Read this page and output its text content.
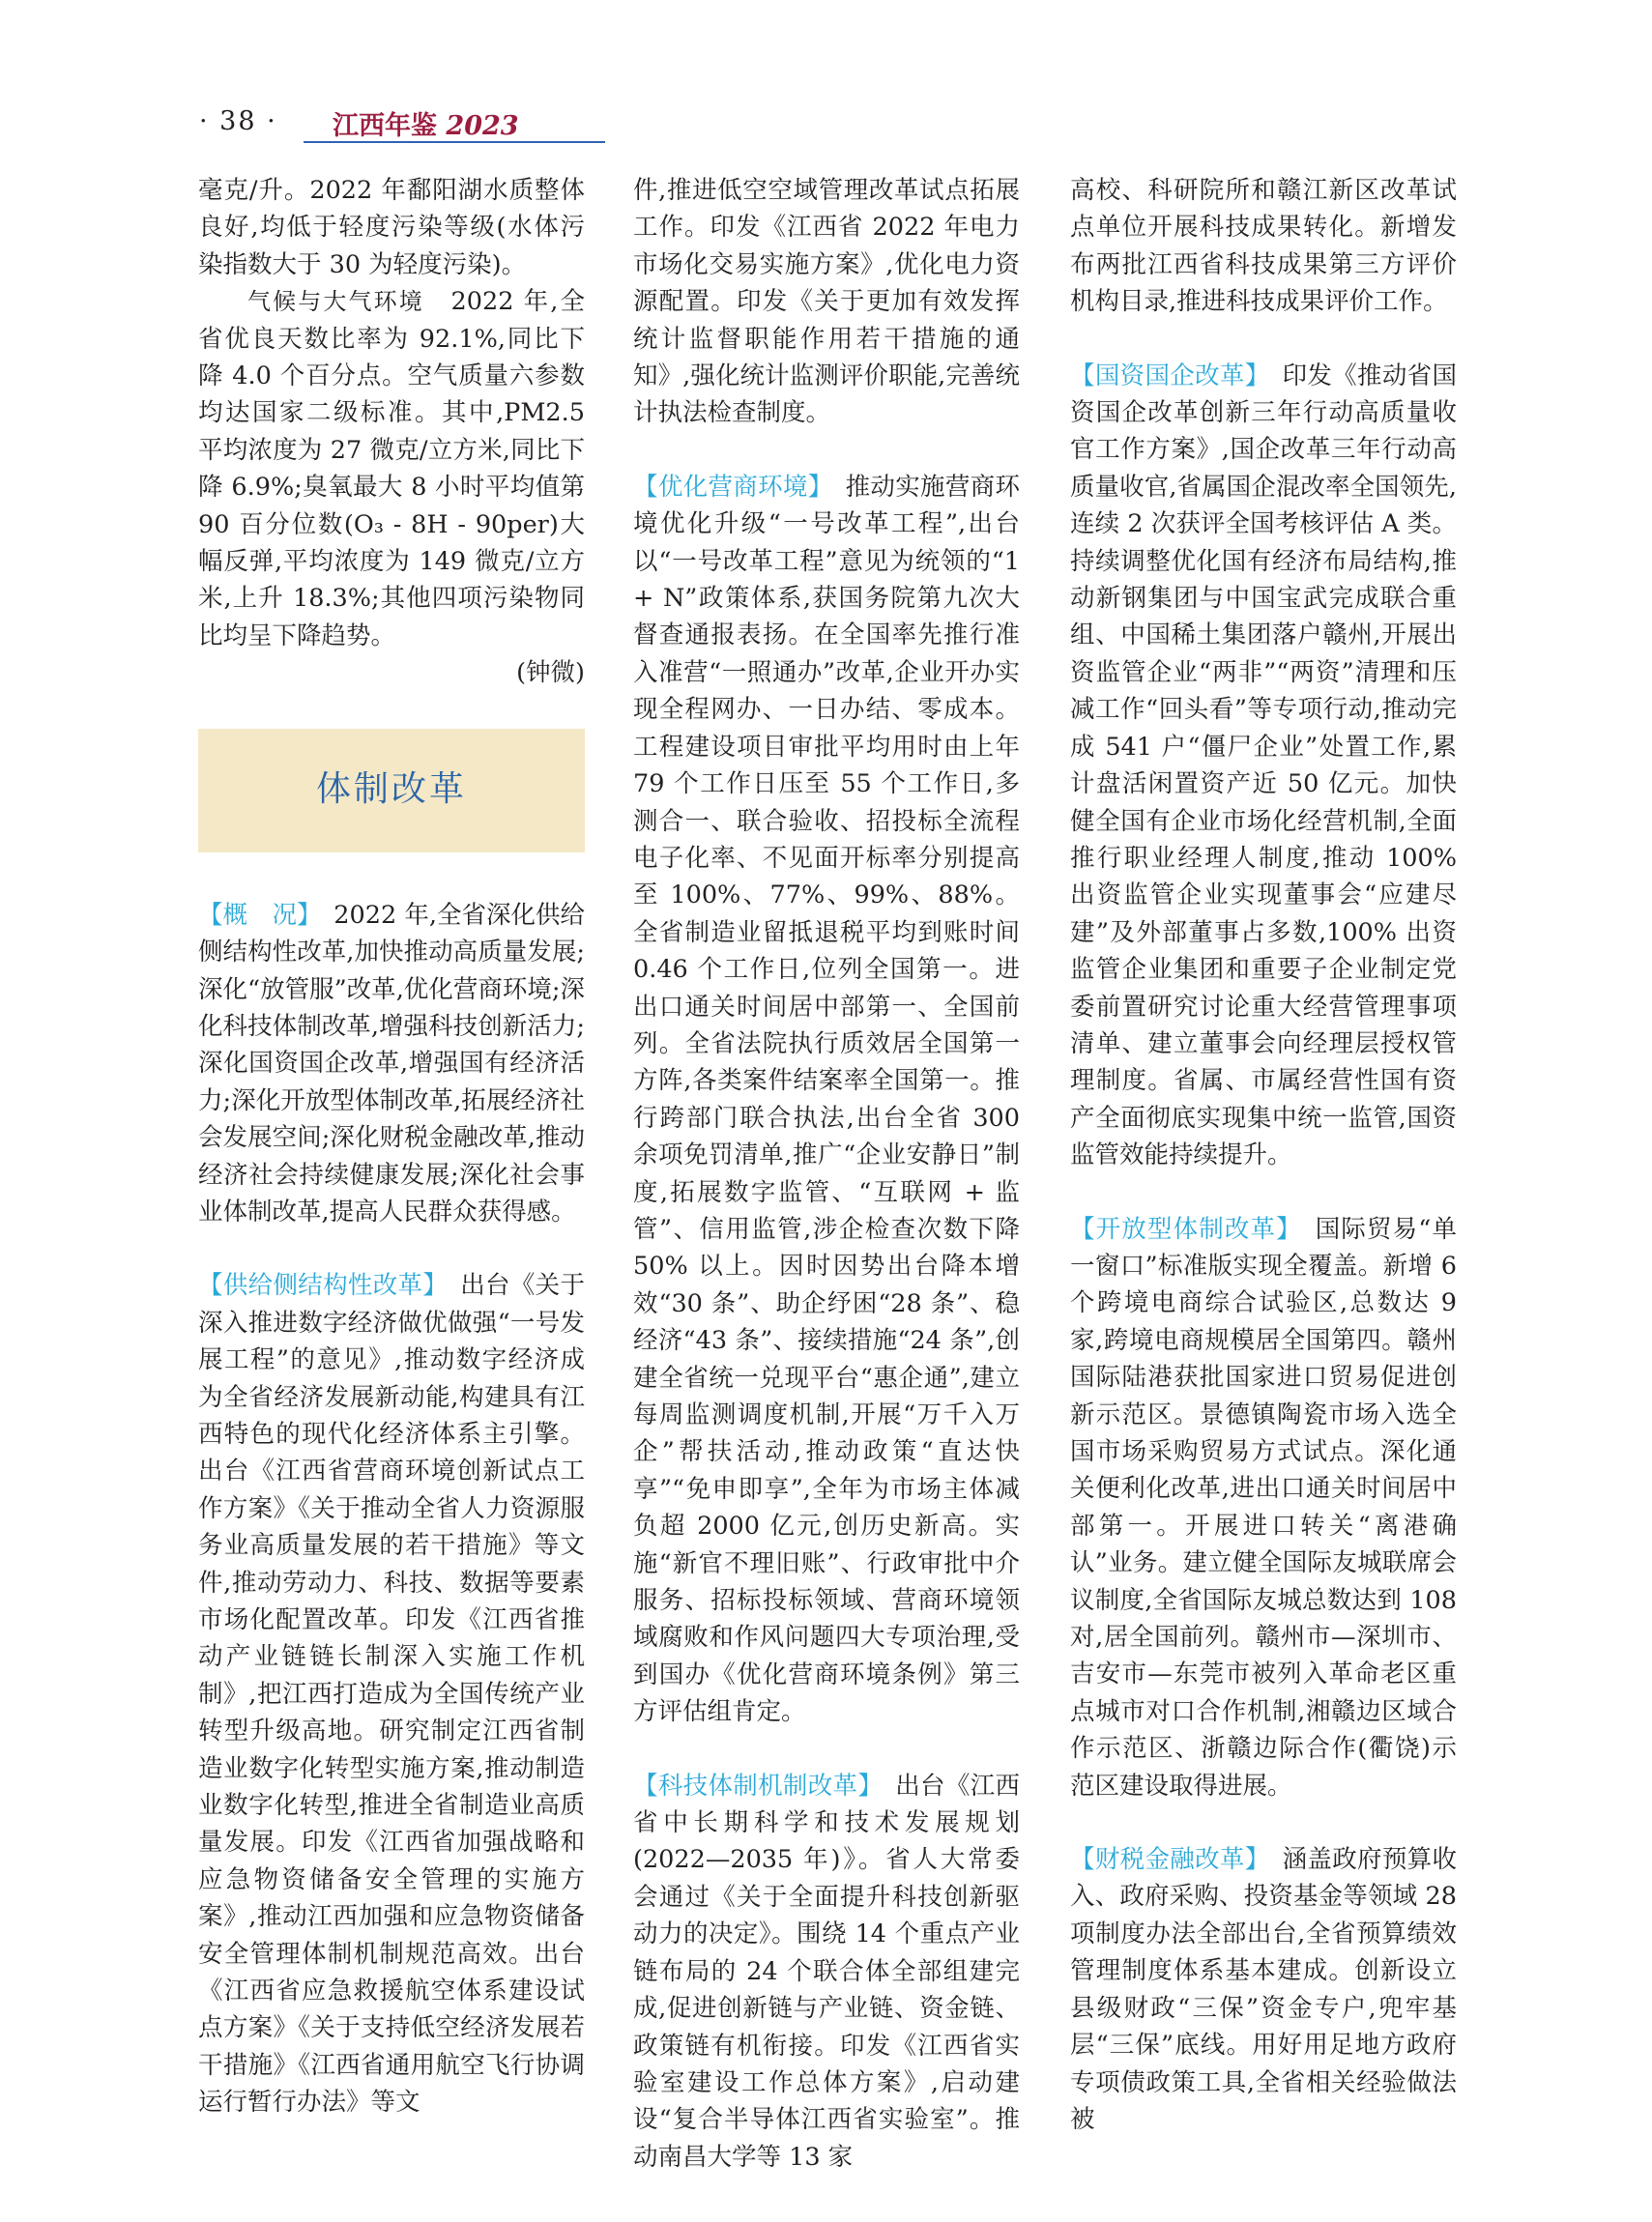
· 38 · 江西年鉴 2023

毫克/升。2022 年鄱阳湖水质整体良好,均低于轻度污染等级(水体污染指数大于 30 为轻度污染)。

气候与大气环境　2022 年,全省优良天数比率为 92.1%,同比下降 4.0 个百分点。空气质量六参数均达国家二级标准。其中,PM2.5 平均浓度为 27 微克/立方米,同比下降 6.9%;臭氧最大 8 小时平均值第 90 百分位数(O₃ - 8H - 90per)大幅反弹,平均浓度为 149 微克/立方米,上升 18.3%;其他四项污染物同比均呈下降趋势。

(钟微)

体制改革

【概　况】　2022 年,全省深化供给侧结构性改革,加快推动高质量发展;深化“放管服”改革,优化营商环境;深化科技体制改革,增强科技创新活力;深化国资国企改革,增强国有经济活力;深化开放型体制改革,拓展经济社会发展空间;深化财税金融改革,推动经济社会持续健康发展;深化社会事业体制改革,提高人民群众获得感。

【供给侧结构性改革】　出台《关于深入推进数字经济做优做强“一号发展工程”的意见》,推动数字经济成为全省经济发展新动能,构建具有江西特色的现代化经济体系主引擎。出台《江西省营商环境创新试点工作方案》《关于推动全省人力资源服务业高质量发展的若干措施》等文件,推动劳动力、科技、数据等要素市场化配置改革。印发《江西省推动产业链链长制深入实施工作机制》,把江西打造成为全国传统产业转型升级高地。研究制定江西省制造业数字化转型实施方案,推动制造业数字化转型,推进全省制造业高质量发展。印发《江西省加强战略和应急物资储备安全管理的实施方案》,推动江西加强和应急物资储备安全管理体制机制规范高效。出台《江西省应急救援航空体系建设试点方案》《关于支持低空经济发展若干措施》《江西省通用航空飞行协调运行暂行办法》等文

件,推进低空空域管理改革试点拓展工作。印发《江西省 2022 年电力市场化交易实施方案》,优化电力资源配置。印发《关于更加有效发挥统计监督职能作用若干措施的通知》,强化统计监测评价职能,完善统计执法检查制度。

【优化营商环境】　推动实施营商环境优化升级“一号改革工程”,出台以“一号改革工程”意见为统领的“1 + N”政策体系,获国务院第九次大督查通报表扬。在全国率先推行准入准营“一照通办”改革,企业开办实现全程网办、一日办结、零成本。工程建设项目审批平均用时由上年 79 个工作日压至 55 个工作日,多测合一、联合验收、招投标全流程电子化率、不见面开标率分别提高至 100%、77%、99%、88%。全省制造业留抵退税平均到账时间 0.46 个工作日,位列全国第一。进出口通关时间居中部第一、全国前列。全省法院执行质效居全国第一方阵,各类案件结案率全国第一。推行跨部门联合执法,出台全省 300 余项免罚清单,推广“企业安静日”制度,拓展数字监管、“互联网 + 监管”、信用监管,涉企检查次数下降 50% 以上。因时因势出台降本增效“30 条”、助企纾困“28 条”、稳经济“43 条”、接续措施“24 条”,创建全省统一兑现平台“惠企通”,建立每周监测调度机制,开展“万千入万企”帮扶活动,推动政策“直达快享”“免申即享”,全年为市场主体减负超 2000 亿元,创历史新高。实施“新官不理旧账”、行政审批中介服务、招标投标领域、营商环境领域腐败和作风问题四大专项治理,受到国办《优化营商环境条例》第三方评估组肯定。

【科技体制机制改革】　出台《江西省中长期科学和技术发展规划(2022—2035 年)》。省人大常委会通过《关于全面提升科技创新驱动力的决定》。围绕 14 个重点产业链布局的 24 个联合体全部组建完成,促进创新链与产业链、资金链、政策链有机衔接。印发《江西省实验室建设工作总体方案》,启动建设“复合半导体江西省实验室”。推动南昌大学等 13 家

高校、科研院所和赣江新区改革试点单位开展科技成果转化。新增发布两批江西省科技成果第三方评价机构目录,推进科技成果评价工作。

【国资国企改革】　印发《推动省国资国企改革创新三年行动高质量收官工作方案》,国企改革三年行动高质量收官,省属国企混改率全国领先,连续 2 次获评全国考核评估 A 类。持续调整优化国有经济布局结构,推动新钢集团与中国宝武完成联合重组、中国稀土集团落户赣州,开展出资监管企业“两非”“两资”清理和压减工作“回头看”等专项行动,推动完成 541 户“僵尸企业”处置工作,累计盘活闲置资产近 50 亿元。加快健全国有企业市场化经营机制,全面推行职业经理人制度,推动 100% 出资监管企业实现董事会“应建尽建”及外部董事占多数,100% 出资监管企业集团和重要子企业制定党委前置研究讨论重大经营管理事项清单、建立董事会向经理层授权管理制度。省属、市属经营性国有资产全面彻底实现集中统一监管,国资监管效能持续提升。

【开放型体制改革】　国际贸易“单一窗口”标准版实现全覆盖。新增 6 个跨境电商综合试验区,总数达 9 家,跨境电商规模居全国第四。赣州国际陆港获批国家进口贸易促进创新示范区。景德镇陶瓷市场入选全国市场采购贸易方式试点。深化通关便利化改革,进出口通关时间居中部第一。开展进口转关“离港确认”业务。建立健全国际友城联席会议制度,全省国际友城总数达到 108 对,居全国前列。赣州市—深圳市、吉安市—东莞市被列入革命老区重点城市对口合作机制,湘赣边区域合作示范区、浙赣边际合作(衢饶)示范区建设取得进展。

【财税金融改革】　涵盖政府预算收入、政府采购、投资基金等领域 28 项制度办法全部出台,全省预算绩效管理制度体系基本建成。创新设立县级财政“三保”资金专户,兜牢基层“三保”底线。用好用足地方政府专项债政策工具,全省相关经验做法被
